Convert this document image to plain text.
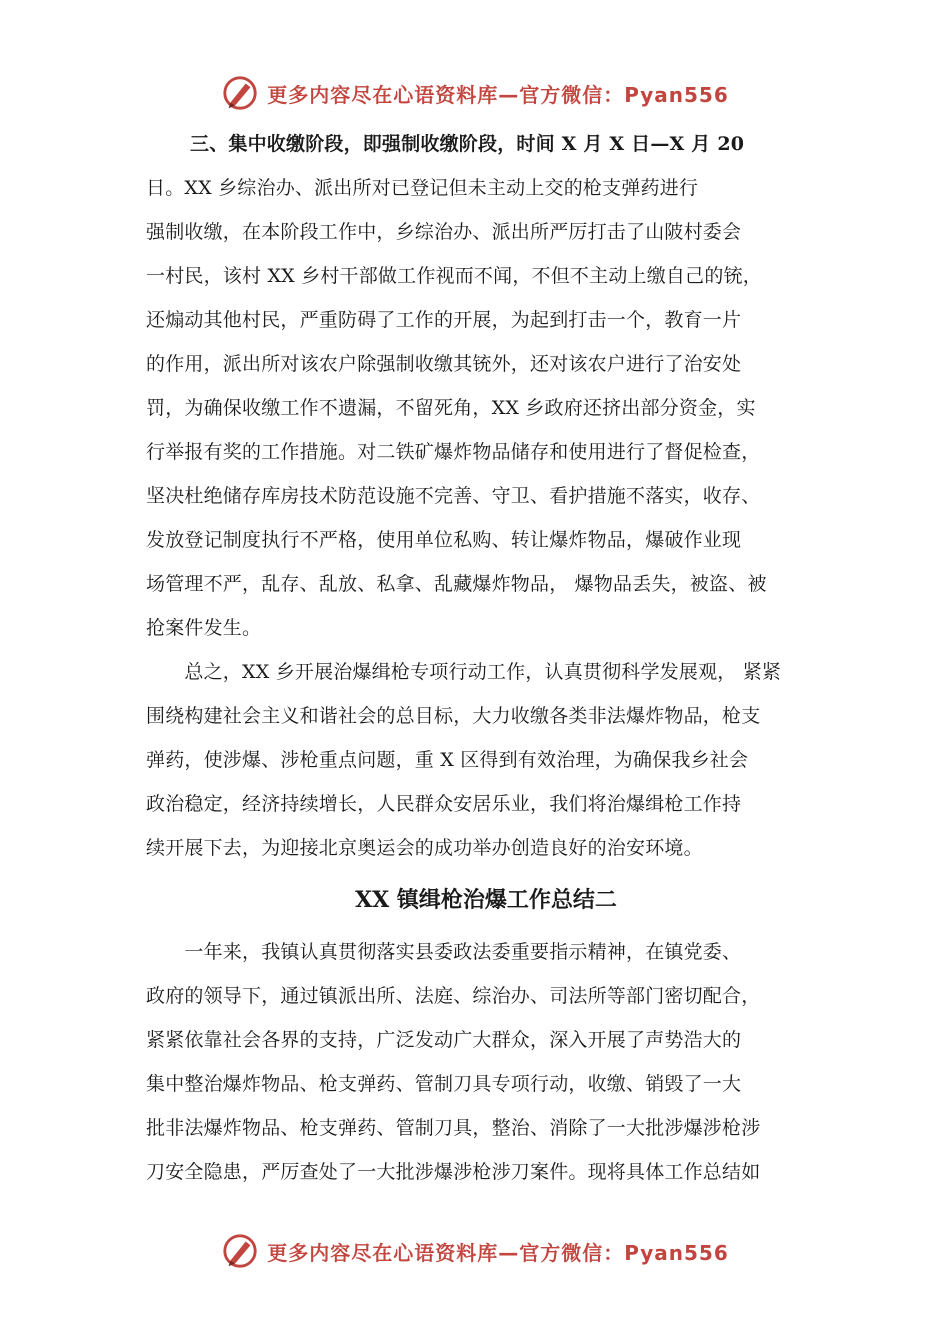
更多内容尽在心语资料库—官方微信：Pyan556
三、集中收缴阶段，即强制收缴阶段，时间 X 月 X 日—X 月 20
日。XX 乡综治办、派出所对已登记但未主动上交的枪支弹药进行
强制收缴，在本阶段工作中，乡综治办、派出所严厉打击了山陂村委会
一村民，该村 XX 乡村干部做工作视而不闻，不但不主动上缴自己的铳，
还煽动其他村民，严重防碍了工作的开展，为起到打击一个，教育一片
的作用，派出所对该农户除强制收缴其铳外，还对该农户进行了治安处
罚，为确保收缴工作不遗漏，不留死角，XX 乡政府还挤出部分资金，实
行举报有奖的工作措施。对二铁矿爆炸物品储存和使用进行了督促检查，
坚决杜绝储存库房技术防范设施不完善、守卫、看护措施不落实，收存、
发放登记制度执行不严格，使用单位私购、转让爆炸物品，爆破作业现
场管理不严，乱存、乱放、私拿、乱藏爆炸物品， 爆物品丢失，被盗、被
抢案件发生。
　　总之，XX 乡开展治爆缉枪专项行动工作，认真贯彻科学发展观， 紧紧
围绕构建社会主义和谐社会的总目标，大力收缴各类非法爆炸物品，枪支
弹药，使涉爆、涉枪重点问题，重 X 区得到有效治理，为确保我乡社会
政治稳定，经济持续增长，人民群众安居乐业，我们将治爆缉枪工作持
续开展下去，为迎接北京奥运会的成功举办创造良好的治安环境。
XX 镇缉枪治爆工作总结二
　　一年来，我镇认真贯彻落实县委政法委重要指示精神，在镇党委、
政府的领导下，通过镇派出所、法庭、综治办、司法所等部门密切配合，
紧紧依靠社会各界的支持，广泛发动广大群众，深入开展了声势浩大的
集中整治爆炸物品、枪支弹药、管制刀具专项行动，收缴、销毁了一大
批非法爆炸物品、枪支弹药、管制刀具，整治、消除了一大批涉爆涉枪涉
刀安全隐患，严厉查处了一大批涉爆涉枪涉刀案件。现将具体工作总结如
更多内容尽在心语资料库—官方微信：Pyan556
